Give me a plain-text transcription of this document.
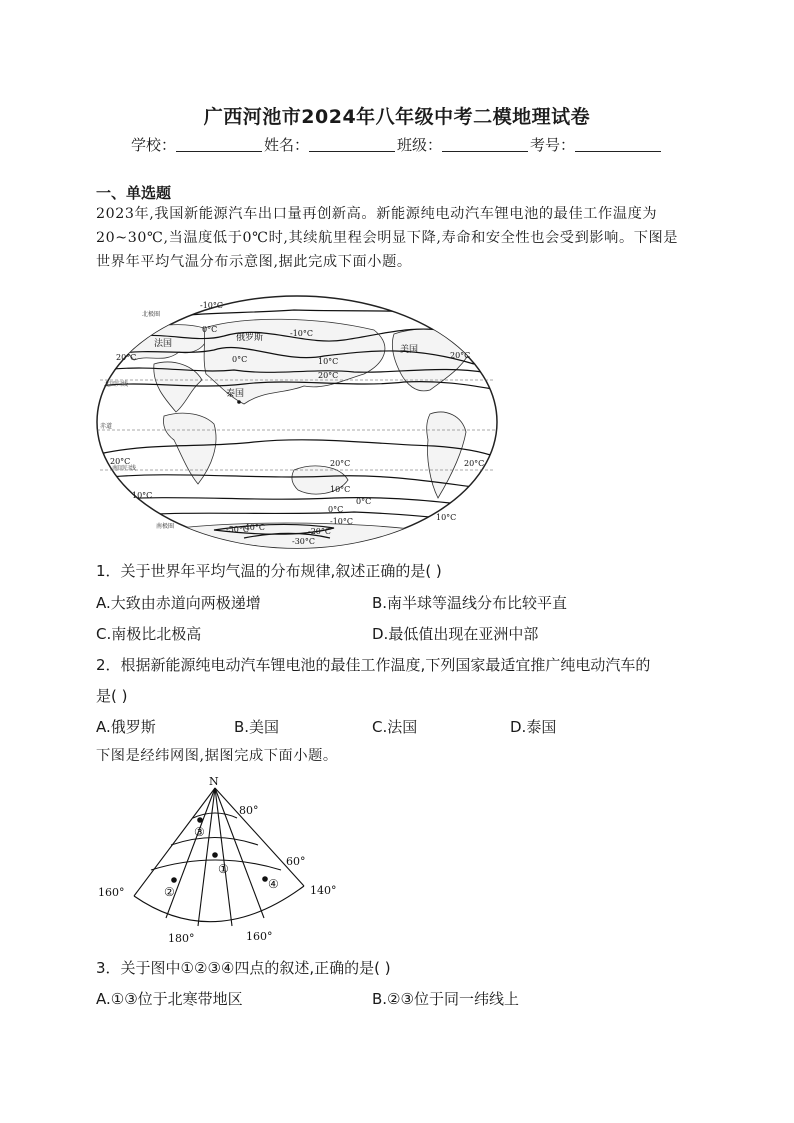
广西河池市2024年八年级中考二模地理试卷
学校：	姓名：	班级：	考号：
一、单选题
2023年,我国新能源汽车出口量再创新高。新能源纯电动汽车锂电池的最佳工作温度为
20~30℃,当温度低于0℃时,其续航里程会明显下降,寿命和安全性也会受到影响。下图是
世界年平均气温分布示意图,据此完成下面小题。
-10°C
0°C
0°C
-10°C
10°C
20°C
20°C	20°C
20°C
10°C
0°C
-10°C
-20°C
-30°C
-40°C
-50°C
20°C
10°C
0°C
10°C
20°C
俄罗斯
法国
美国
泰国
北回归线
赤道
南回归线
北极圈
南极圈
1．关于世界年平均气温的分布规律,叙述正确的是( )
A.大致由赤道向两极递增	B.南半球等温线分布比较平直
C.南极比北极高	D.最低值出现在亚洲中部
2．根据新能源纯电动汽车锂电池的最佳工作温度,下列国家最适宜推广纯电动汽车的
是( )
A.俄罗斯	B.美国	C.法国	D.泰国
下图是经纬网图,据图完成下面小题。
N
80°
60°
160°	140°
180°	160°
①
②
③
④
3．关于图中①②③④四点的叙述,正确的是( )
A.①③位于北寒带地区	B.②③位于同一纬线上
